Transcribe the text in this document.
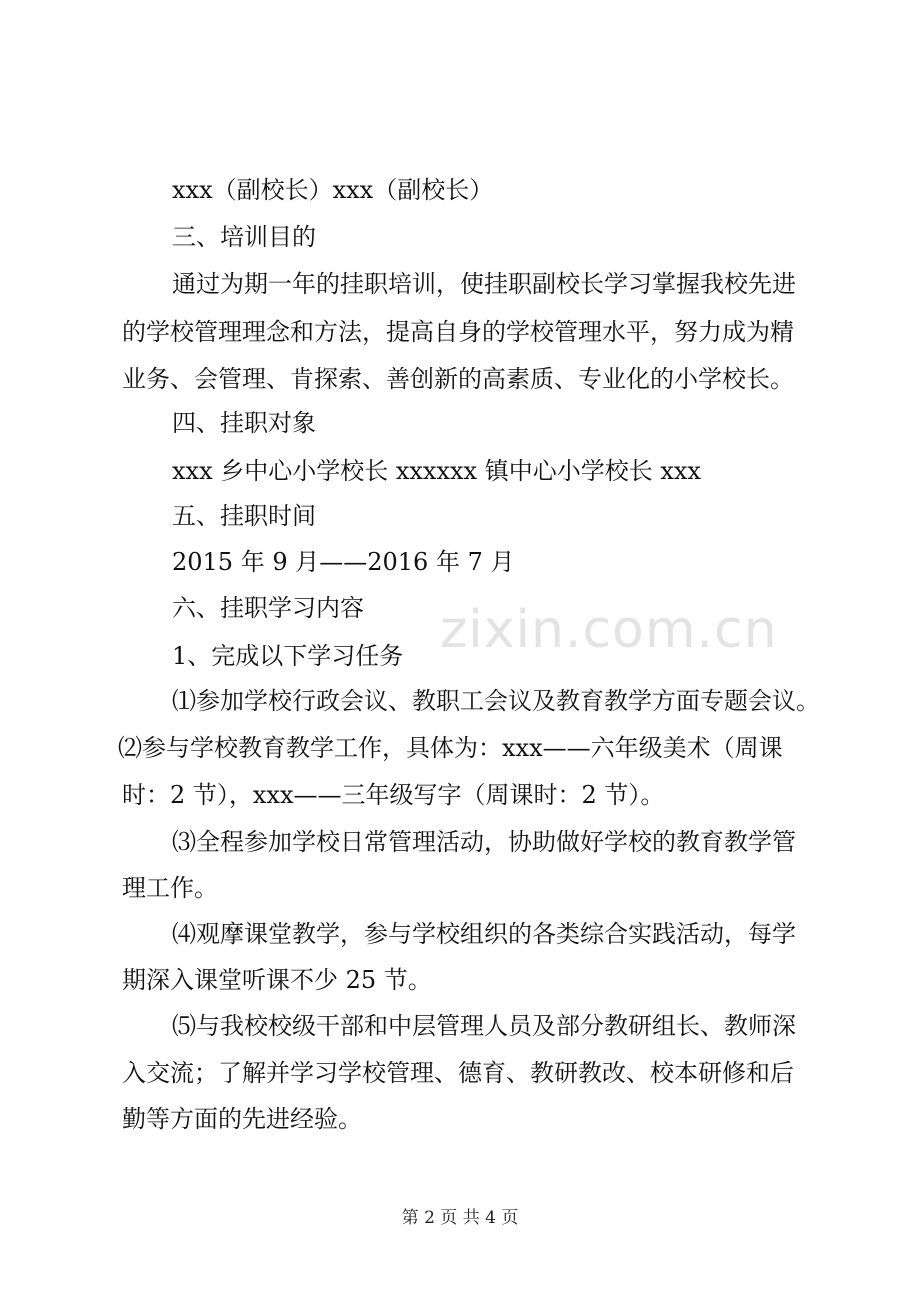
zixin.com.cn
xxx（副校长）xxx（副校长）
三、培训目的
通过为期一年的挂职培训，使挂职副校长学习掌握我校先进
的学校管理理念和方法，提高自身的学校管理水平，努力成为精
业务、会管理、肯探索、善创新的高素质、专业化的小学校长。
四、挂职对象
xxx 乡中心小学校长 xxxxxx 镇中心小学校长 xxx
五、挂职时间
2015 年 9 月——2016 年 7 月
六、挂职学习内容
1、完成以下学习任务
⑴参加学校行政会议、教职工会议及教育教学方面专题会议。
⑵参与学校教育教学工作，具体为：xxx——六年级美术（周课
时：2 节），xxx——三年级写字（周课时：2 节）。
⑶全程参加学校日常管理活动，协助做好学校的教育教学管
理工作。
⑷观摩课堂教学，参与学校组织的各类综合实践活动，每学
期深入课堂听课不少 25 节。
⑸与我校校级干部和中层管理人员及部分教研组长、教师深
入交流；了解并学习学校管理、德育、教研教改、校本研修和后
勤等方面的先进经验。
第 2 页 共 4 页
